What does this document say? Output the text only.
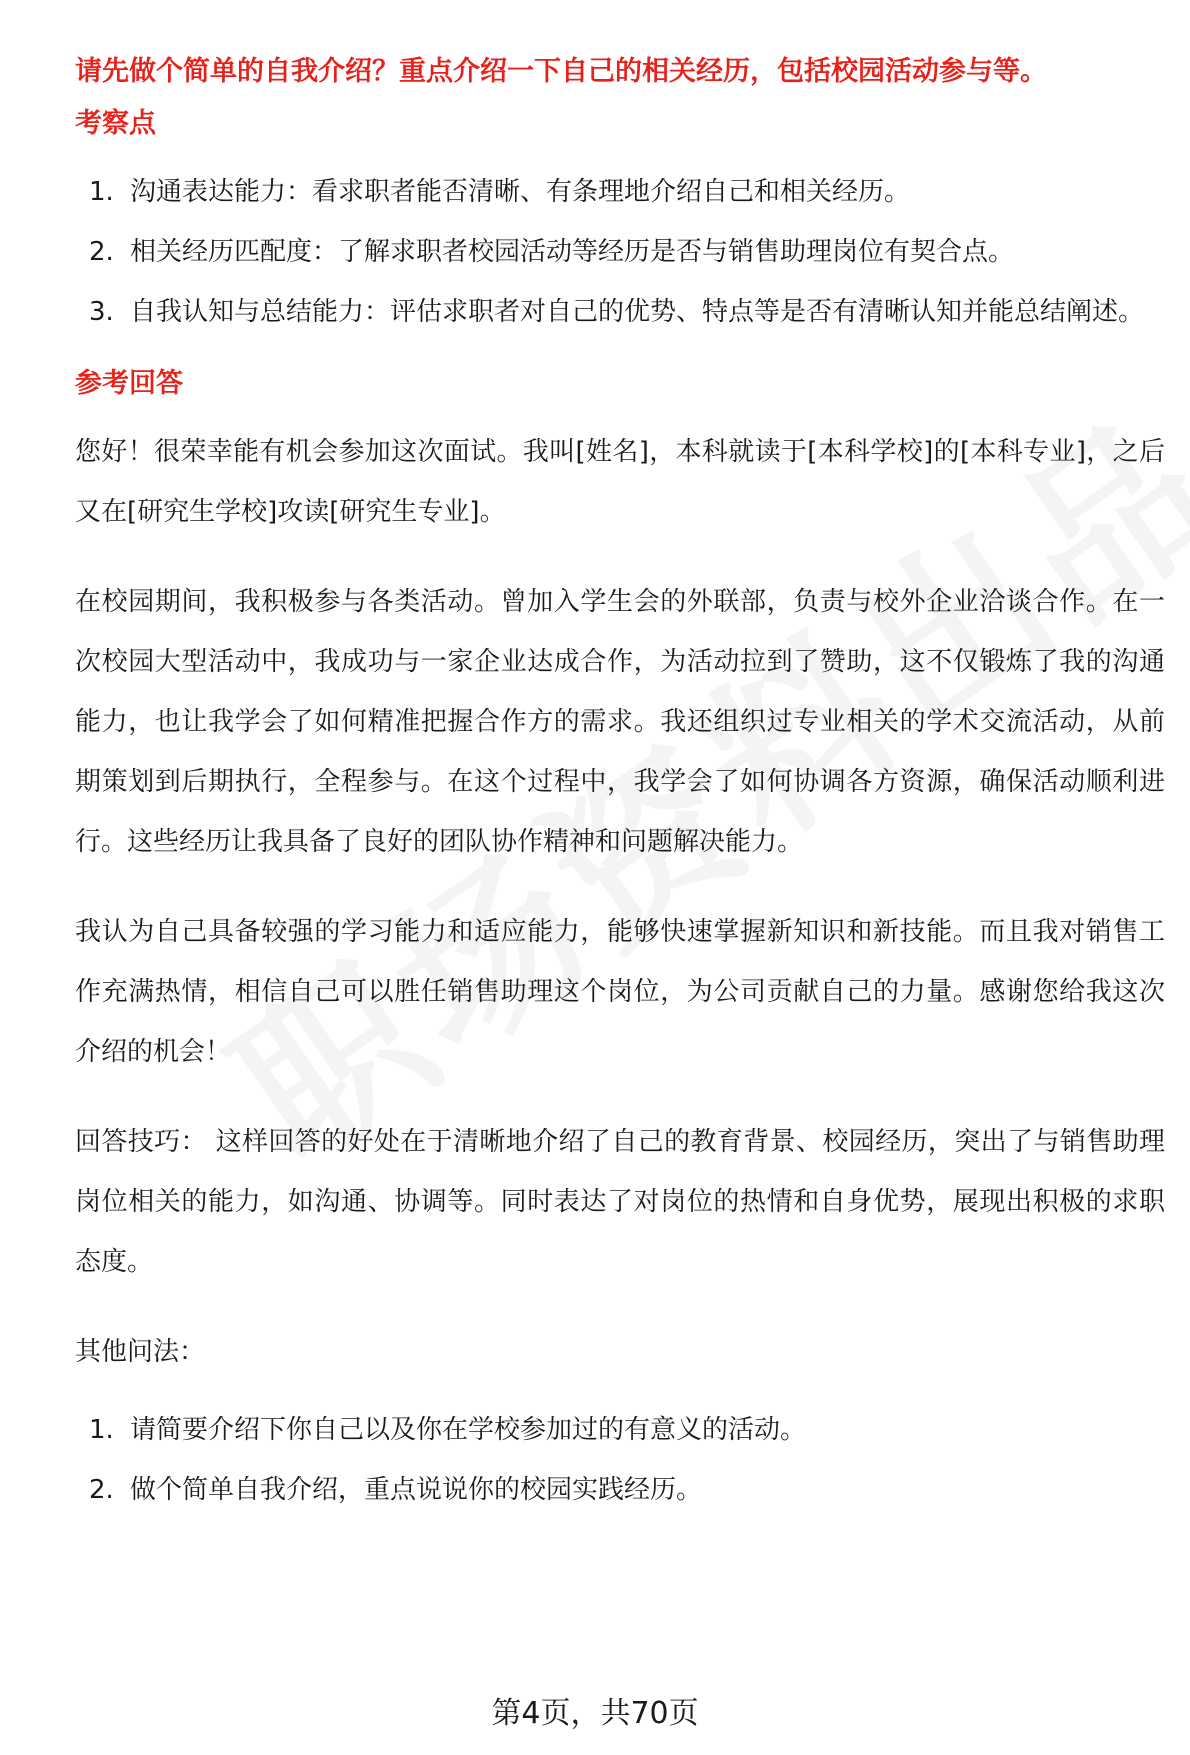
请先做个简单的自我介绍？重点介绍一下自己的相关经历，包括校园活动参与等。
考察点
1. 沟通表达能力：看求职者能否清晰、有条理地介绍自己和相关经历。
2. 相关经历匹配度：了解求职者校园活动等经历是否与销售助理岗位有契合点。
3. 自我认知与总结能力：评估求职者对自己的优势、特点等是否有清晰认知并能总结阐述。
参考回答

您好！很荣幸能有机会参加这次面试。我叫[姓名]，本科就读于[本科学校]的[本科专业]，之后又在[研究生学校]攻读[研究生专业]。

在校园期间，我积极参与各类活动。曾加入学生会的外联部，负责与校外企业洽谈合作。在一次校园大型活动中，我成功与一家企业达成合作，为活动拉到了赞助，这不仅锻炼了我的沟通能力，也让我学会了如何精准把握合作方的需求。我还组织过专业相关的学术交流活动，从前期策划到后期执行，全程参与。在这个过程中，我学会了如何协调各方资源，确保活动顺利进行。这些经历让我具备了良好的团队协作精神和问题解决能力。

我认为自己具备较强的学习能力和适应能力，能够快速掌握新知识和新技能。而且我对销售工作充满热情，相信自己可以胜任销售助理这个岗位，为公司贡献自己的力量。感谢您给我这次介绍的机会！

回答技巧： 这样回答的好处在于清晰地介绍了自己的教育背景、校园经历，突出了与销售助理岗位相关的能力，如沟通、协调等。同时表达了对岗位的热情和自身优势，展现出积极的求职态度。

其他问法：
1. 请简要介绍下你自己以及你在学校参加过的有意义的活动。
2. 做个简单自我介绍，重点说说你的校园实践经历。
第4页，共70页
